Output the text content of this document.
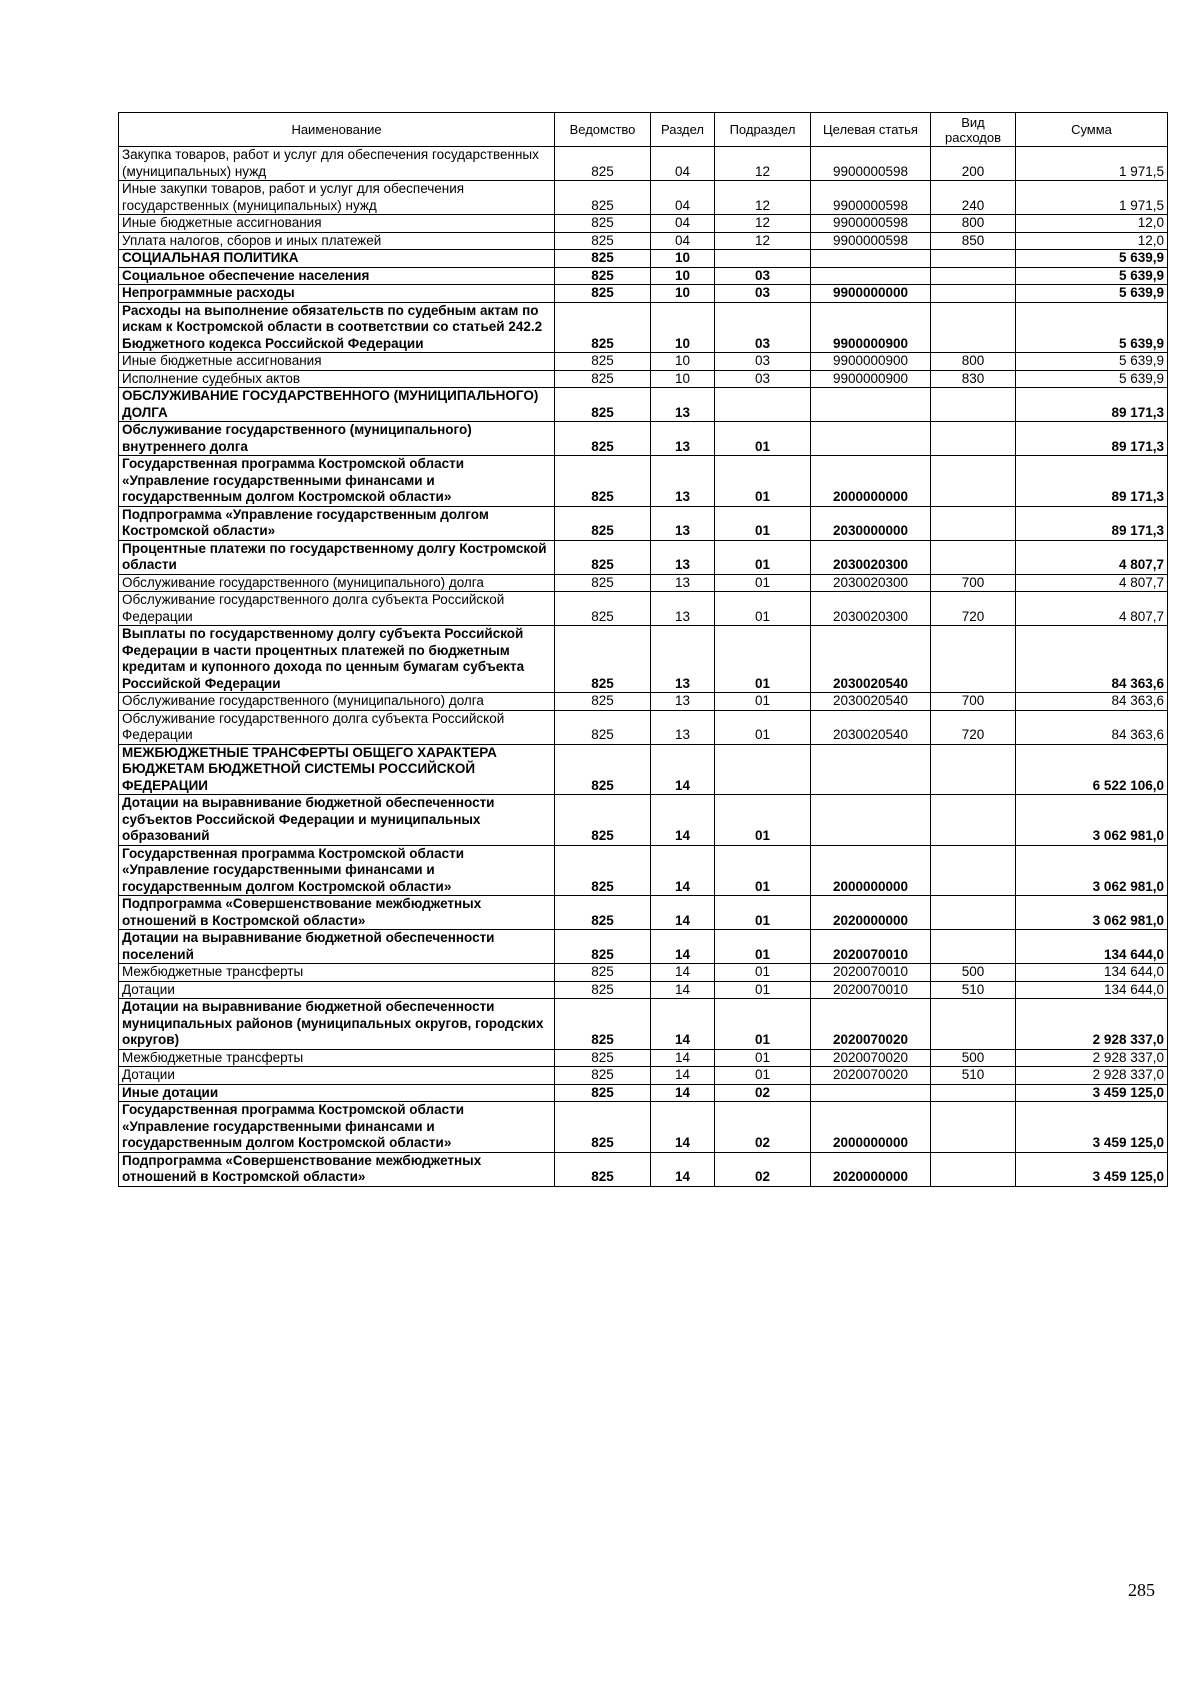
Наименование	Ведомство	Раздел	Подраздел	Целевая статья	Вид расходов	Сумма
Закупка товаров, работ и услуг для обеспечения государственных (муниципальных) нужд	825	04	12	9900000598	200	1 971,5
Иные закупки товаров, работ и услуг для обеспечения государственных (муниципальных) нужд	825	04	12	9900000598	240	1 971,5
Иные бюджетные ассигнования	825	04	12	9900000598	800	12,0
Уплата налогов, сборов и иных платежей	825	04	12	9900000598	850	12,0
СОЦИАЛЬНАЯ ПОЛИТИКА	825	10				5 639,9
Социальное обеспечение населения	825	10	03			5 639,9
Непрограммные расходы	825	10	03	9900000000		5 639,9
Расходы на выполнение обязательств по судебным актам по искам к Костромской области в соответствии со статьей 242.2 Бюджетного кодекса Российской Федерации	825	10	03	9900000900		5 639,9
Иные бюджетные ассигнования	825	10	03	9900000900	800	5 639,9
Исполнение судебных актов	825	10	03	9900000900	830	5 639,9
ОБСЛУЖИВАНИЕ ГОСУДАРСТВЕННОГО (МУНИЦИПАЛЬНОГО) ДОЛГА	825	13				89 171,3
Обслуживание государственного (муниципального) внутреннего долга	825	13	01			89 171,3
Государственная программа Костромской области «Управление государственными финансами и государственным долгом Костромской области»	825	13	01	2000000000		89 171,3
Подпрограмма «Управление государственным долгом Костромской области»	825	13	01	2030000000		89 171,3
Процентные платежи по государственному долгу Костромской области	825	13	01	2030020300		4 807,7
Обслуживание государственного (муниципального) долга	825	13	01	2030020300	700	4 807,7
Обслуживание государственного долга субъекта Российской Федерации	825	13	01	2030020300	720	4 807,7
Выплаты по государственному долгу субъекта Российской Федерации в части процентных платежей по бюджетным кредитам и купонного дохода по ценным бумагам субъекта Российской Федерации	825	13	01	2030020540		84 363,6
Обслуживание государственного (муниципального) долга	825	13	01	2030020540	700	84 363,6
Обслуживание государственного долга субъекта Российской Федерации	825	13	01	2030020540	720	84 363,6
МЕЖБЮДЖЕТНЫЕ ТРАНСФЕРТЫ ОБЩЕГО ХАРАКТЕРА БЮДЖЕТАМ БЮДЖЕТНОЙ СИСТЕМЫ РОССИЙСКОЙ ФЕДЕРАЦИИ	825	14				6 522 106,0
Дотации на выравнивание бюджетной обеспеченности субъектов Российской Федерации и муниципальных образований	825	14	01			3 062 981,0
Государственная программа Костромской области «Управление государственными финансами и государственным долгом Костромской области»	825	14	01	2000000000		3 062 981,0
Подпрограмма «Совершенствование межбюджетных отношений в Костромской области»	825	14	01	2020000000		3 062 981,0
Дотации на выравнивание бюджетной обеспеченности поселений	825	14	01	2020070010		134 644,0
Межбюджетные трансферты	825	14	01	2020070010	500	134 644,0
Дотации	825	14	01	2020070010	510	134 644,0
Дотации на выравнивание бюджетной обеспеченности муниципальных районов (муниципальных округов, городских округов)	825	14	01	2020070020		2 928 337,0
Межбюджетные трансферты	825	14	01	2020070020	500	2 928 337,0
Дотации	825	14	01	2020070020	510	2 928 337,0
Иные дотации	825	14	02			3 459 125,0
Государственная программа Костромской области «Управление государственными финансами и государственным долгом Костромской области»	825	14	02	2000000000		3 459 125,0
Подпрограмма «Совершенствование межбюджетных отношений в Костромской области»	825	14	02	2020000000		3 459 125,0
285
